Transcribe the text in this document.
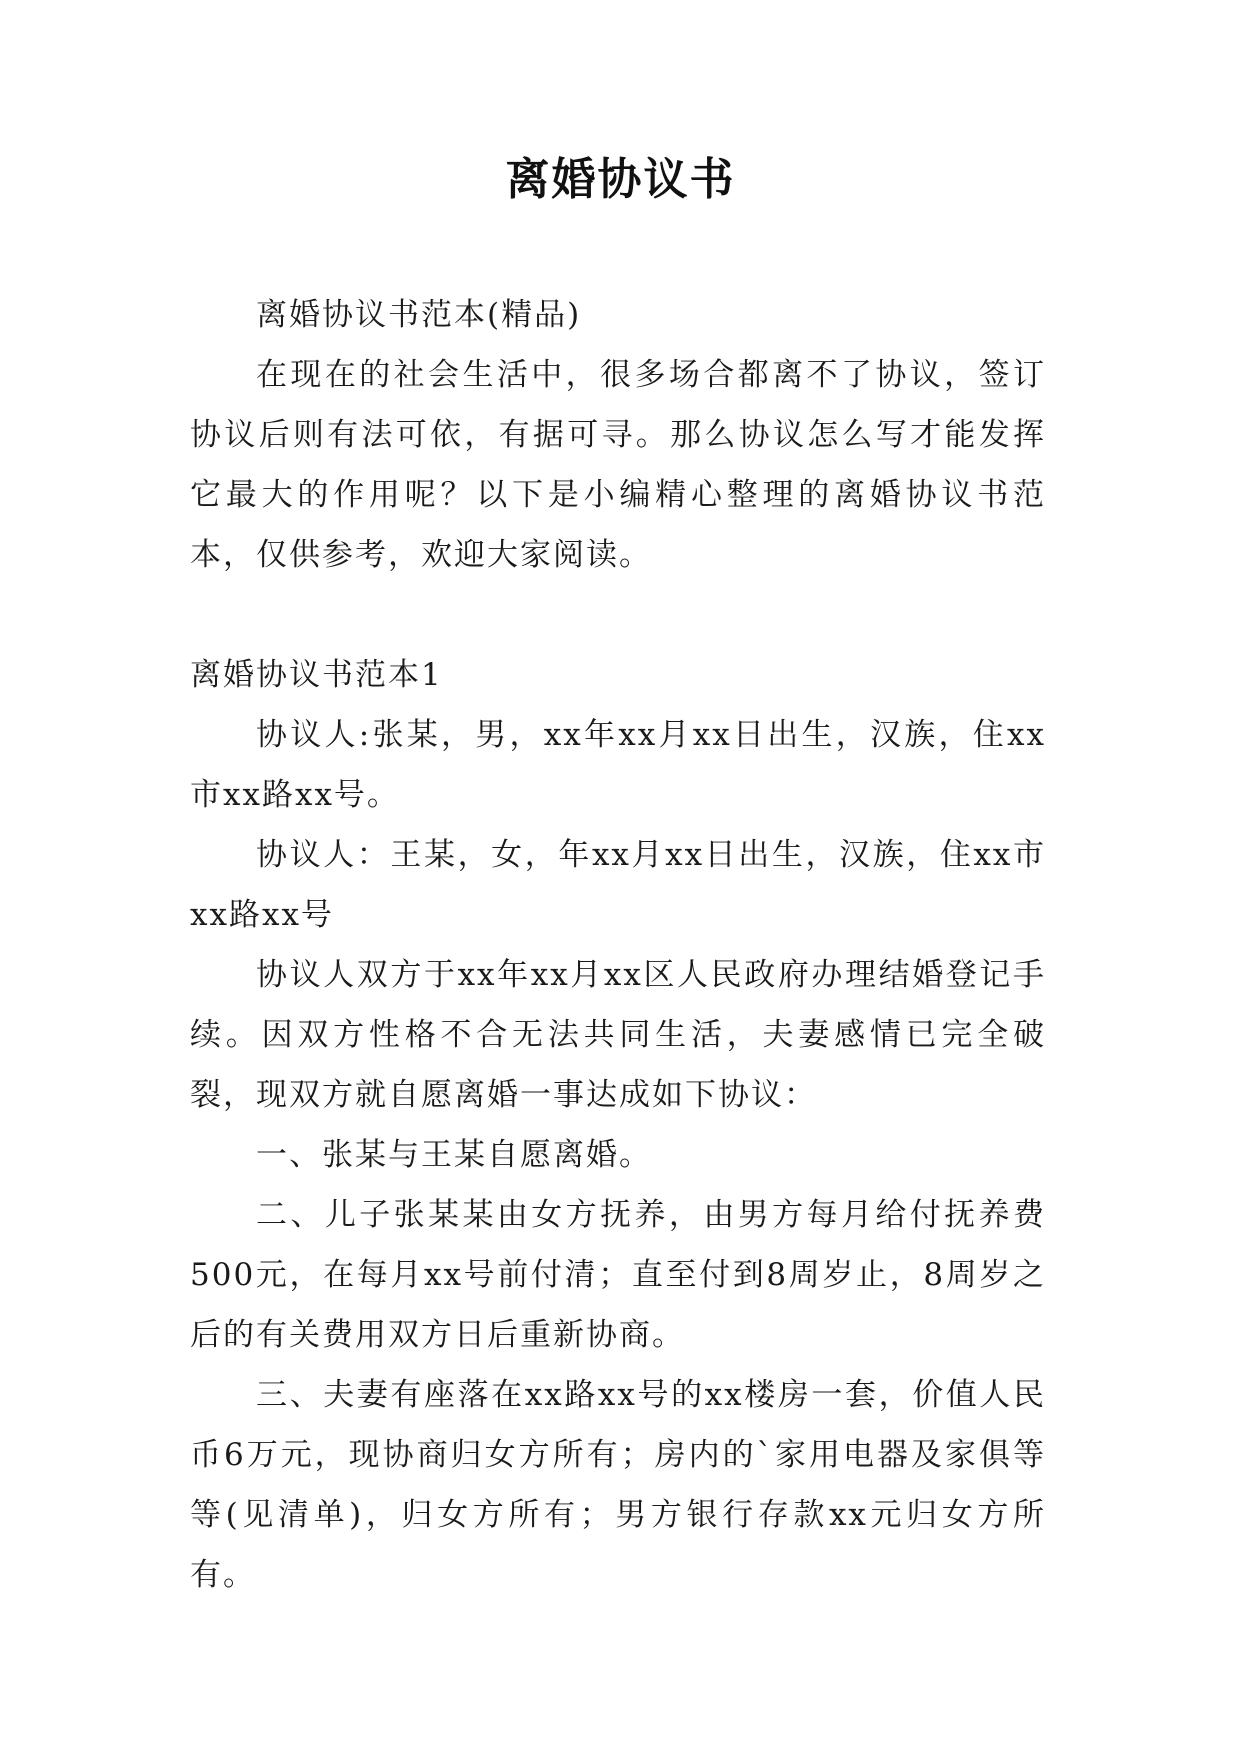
离婚协议书

离婚协议书范本(精品)

在现在的社会生活中，很多场合都离不了协议，签订协议后则有法可依，有据可寻。那么协议怎么写才能发挥它最大的作用呢？以下是小编精心整理的离婚协议书范本，仅供参考，欢迎大家阅读。

离婚协议书范本1

协议人:张某，男，xx年xx月xx日出生，汉族，住xx市xx路xx号。

协议人：王某，女，年xx月xx日出生，汉族，住xx市xx路xx号

协议人双方于xx年xx月xx区人民政府办理结婚登记手续。因双方性格不合无法共同生活，夫妻感情已完全破裂，现双方就自愿离婚一事达成如下协议：

一、张某与王某自愿离婚。

二、儿子张某某由女方抚养，由男方每月给付抚养费500元，在每月xx号前付清；直至付到8周岁止，8周岁之后的有关费用双方日后重新协商。

三、夫妻有座落在xx路xx号的xx楼房一套，价值人民币6万元，现协商归女方所有；房内的`家用电器及家俱等等(见清单)，归女方所有；男方银行存款xx元归女方所有。
